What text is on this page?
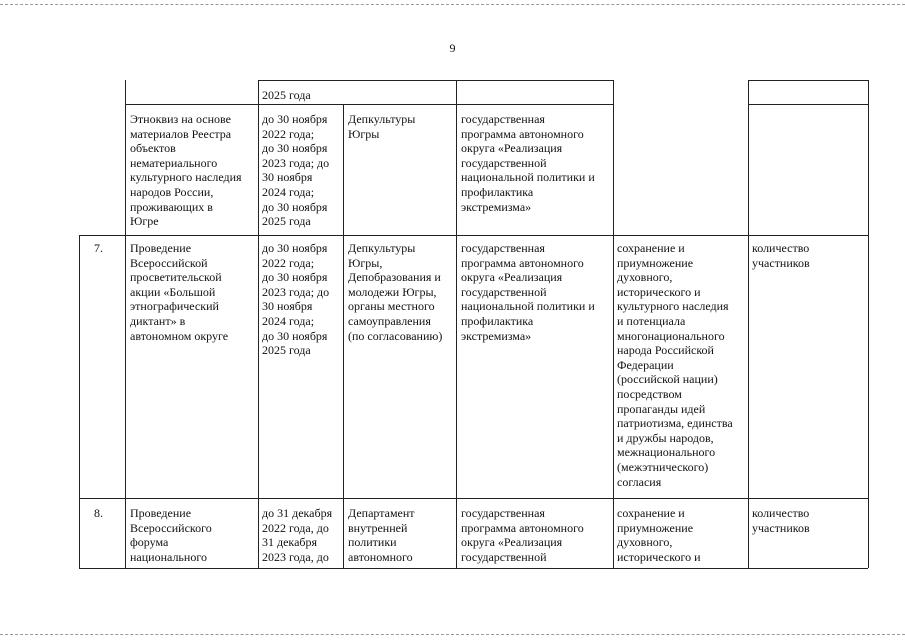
9
2025 года
Этноквиз на основе
материалов Реестра
объектов
нематериального
культурного наследия
народов России,
проживающих в
Югре
до 30 ноября
2022 года;
до 30 ноября
2023 года; до
30 ноября
2024 года;
до 30 ноября
2025 года
Депкультуры
Югры
государственная
программа автономного
округа «Реализация
государственной
национальной политики и
профилактика
экстремизма»
7. Проведение
Всероссийской
просветительской
акции «Большой
этнографический
диктант» в
автономном округе
до 30 ноября
2022 года;
до 30 ноября
2023 года; до
30 ноября
2024 года;
до 30 ноября
2025 года
Депкультуры
Югры,
Депобразования и
молодежи Югры,
органы местного
самоуправления
(по согласованию)
государственная
программа автономного
округа «Реализация
государственной
национальной политики и
профилактика
экстремизма»
сохранение и
приумножение
духовного,
исторического и
культурного наследия
и потенциала
многонационального
народа Российской
Федерации
(российской нации)
посредством
пропаганды идей
патриотизма, единства
и дружбы народов,
межнационального
(межэтнического)
согласия
количество
участников
8. Проведение
Всероссийского
форума
национального
до 31 декабря
2022 года, до
31 декабря
2023 года, до
Департамент
внутренней
политики
автономного
государственная
программа автономного
округа «Реализация
государственной
сохранение и
приумножение
духовного,
исторического и
количество
участников
